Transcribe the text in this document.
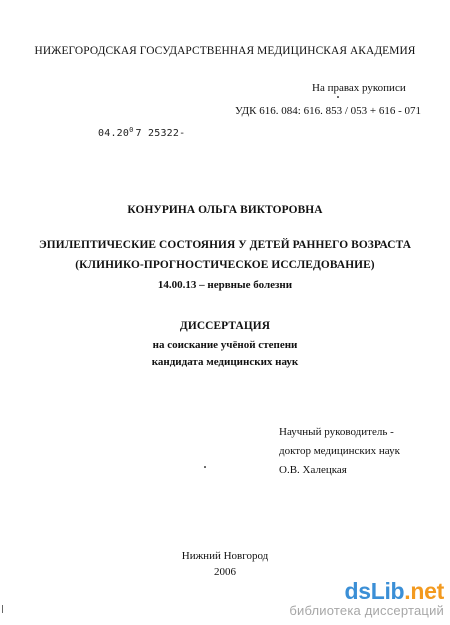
НИЖЕГОРОДСКАЯ ГОСУДАРСТВЕННАЯ МЕДИЦИНСКАЯ АКАДЕМИЯ
На правах рукописи
УДК 616. 084: 616. 853 / 053 + 616 - 071
04.20$^0$ 7 25322-
КОНУРИНА ОЛЬГА ВИКТОРОВНА
ЭПИЛЕПТИЧЕСКИЕ СОСТОЯНИЯ У ДЕТЕЙ РАННЕГО ВОЗРАСТА
(КЛИНИКО-ПРОГНОСТИЧЕСКОЕ ИССЛЕДОВАНИЕ)
14.00.13 – нервные болезни
ДИССЕРТАЦИЯ
на соискание учёной степени
кандидата медицинских наук
Научный руководитель -
доктор медицинских наук
О.В. Халецкая
Нижний Новгород
2006
dsLib.net
библиотека диссертаций
